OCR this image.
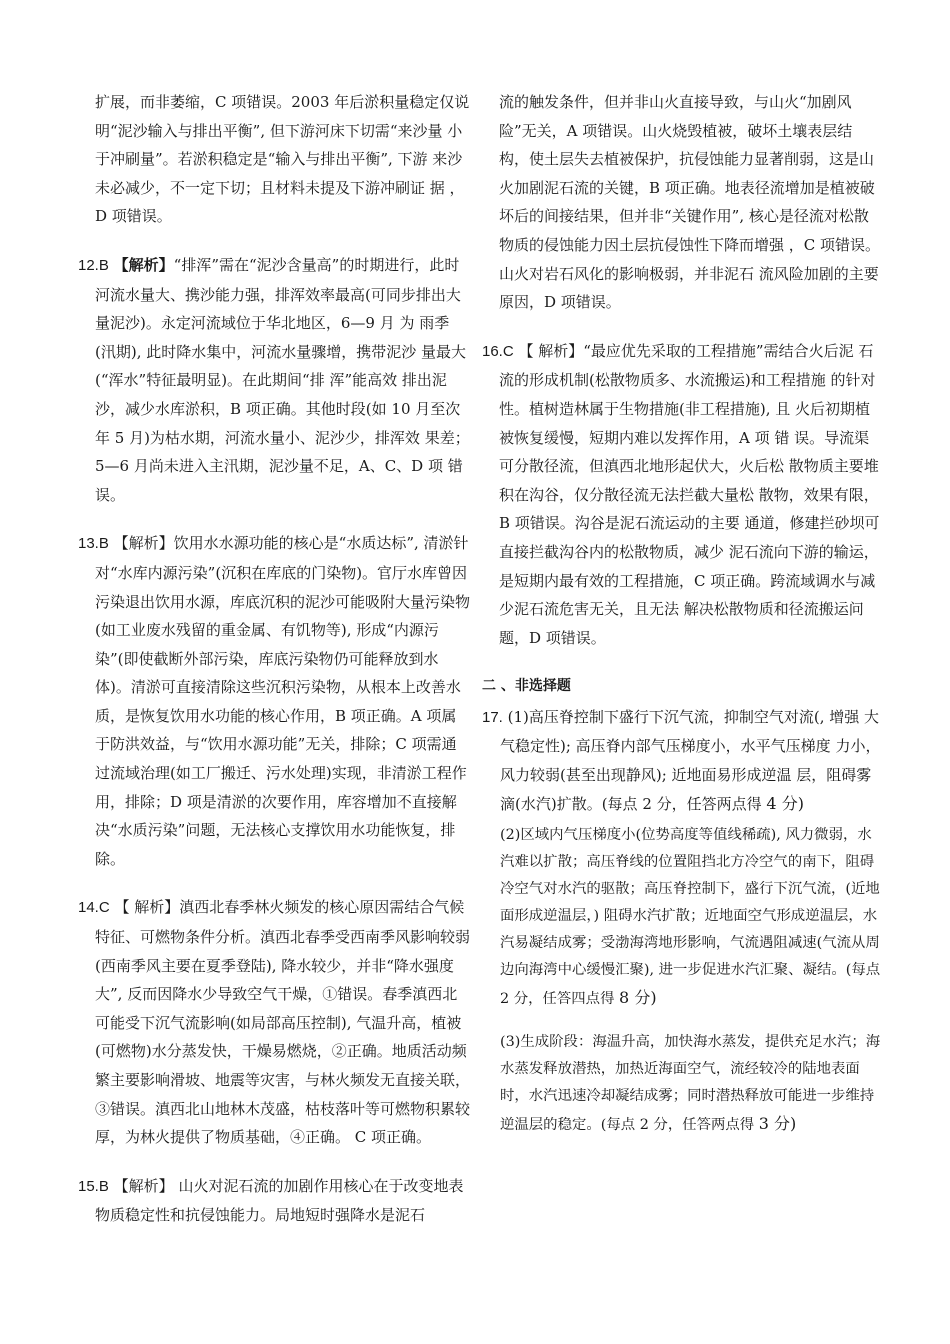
扩展，而非萎缩，C 项错误。2003 年后淤积量稳定仅说 明“泥沙输入与排出平衡”, 但下游河床下切需“来沙量 小于冲刷量”。若淤积稳定是“输入与排出平衡”, 下游 来沙未必减少，不一定下切；且材料未提及下游冲刷证 据 ，D 项错误。

12.B 【解析】“排浑”需在“泥沙含量高”的时期进行，此时河流水量大、携沙能力强，排浑效率最高(可同步排出大量泥沙)。永定河流域位于华北地区，6—9 月 为 雨季(汛期), 此时降水集中，河流水量骤增，携带泥沙 量最大(“浑水”特征最明显)。在此期间“排 浑”能高效 排出泥沙，减少水库淤积，B 项正确。其他时段(如 10 月至次年 5 月)为枯水期，河流水量小、泥沙少，排浑效 果差；5—6 月尚未进入主汛期，泥沙量不足，A、C、D 项 错误。

13.B 【解析】饮用水水源功能的核心是“水质达标”, 清淤针对“水库内源污染”(沉积在库底的门染物)。官厅水库曾因污染退出饮用水源，库底沉积的泥沙可能吸附大量污染物(如工业废水残留的重金属、有饥物等), 形成“内源污染”(即使截断外部污染，库底污染物仍可能释放到水体)。清淤可直接清除这些沉积污染物，从根本上改善水质，是恢复饮用水功能的核心作用，B 项正确。A 项属于防洪效益，与“饮用水源功能”无关，排除；C 项需通过流域治理(如工厂搬迁、污水处理)实现，非清淤工程作用，排除；D 项是清淤的次要作用，库容增加不直接解决“水质污染”问题，无法核心支撑饮用水功能恢复，排除。

14.C 【 解析】滇西北春季林火频发的核心原因需结合气候特征、可燃物条件分析。滇西北春季受西南季风影响较弱(西南季风主要在夏季登陆), 降水较少，并非“降水强度大”, 反而因降水少导致空气干燥，①错误。春季滇西北可能受下沉气流影响(如局部高压控制), 气温升高，植被(可燃物)水分蒸发快，干燥易燃烧，②正确。地质活动频繁主要影响滑坡、地震等灾害，与林火频发无直接关联，③错误。滇西北山地林木茂盛，枯枝落叶等可燃物积累较厚，为林火提供了物质基础，④正确。 C 项正确。

15.B 【解析】 山火对泥石流的加剧作用核心在于改变地表物质稳定性和抗侵蚀能力。局地短时强降水是泥石

流的触发条件，但并非山火直接导致，与山火“加剧风险”无关，A 项错误。山火烧毁植被，破坏土壤表层结构，使土层失去植被保护，抗侵蚀能力显著削弱，这是山火加剧泥石流的关键，B 项正确。地表径流增加是植被破坏后的间接结果，但并非“关键作用”, 核心是径流对松散物质的侵蚀能力因土层抗侵蚀性下降而增强 ，C 项错误。山火对岩石风化的影响极弱，并非泥石 流风险加剧的主要原因，D 项错误。

16.C 【 解析】“最应优先采取的工程措施”需结合火后泥 石流的形成机制(松散物质多、水流搬运)和工程措施 的针对性。植树造林属于生物措施(非工程措施), 且 火后初期植被恢复缓慢，短期内难以发挥作用，A 项 错 误。导流渠可分散径流，但滇西北地形起伏大，火后松 散物质主要堆积在沟谷，仅分散径流无法拦截大量松 散物，效果有限，B 项错误。沟谷是泥石流运动的主要 通道，修建拦砂坝可直接拦截沟谷内的松散物质，减少 泥石流向下游的输运，是短期内最有效的工程措施，C 项正确。跨流域调水与减少泥石流危害无关，且无法 解决松散物质和径流搬运问题，D 项错误。

二 、非选择题

17. (1)高压脊控制下盛行下沉气流，抑制空气对流(, 增强 大气稳定性); 高压脊内部气压梯度小，水平气压梯度 力小，风力较弱(甚至出现静风); 近地面易形成逆温 层，阻碍雾滴(水汽)扩散。(每点 2 分，任答两点得 4 分)

(2)区域内气压梯度小(位势高度等值线稀疏), 风力微弱，水汽难以扩散；高压脊线的位置阻挡北方冷空气的南下，阻碍冷空气对水汽的驱散；高压脊控制下，盛行下沉气流，(近地面形成逆温层，) 阻碍水汽扩散；近地面空气形成逆温层，水汽易凝结成雾；受渤海湾地形影响，气流遇阻减速(气流从周边向海湾中心缓慢汇聚), 进一步促进水汽汇聚、凝结。(每点 2 分，任答四点得 8 分)

(3)生成阶段：海温升高，加快海水蒸发，提供充足水汽；海水蒸发释放潜热，加热近海面空气，流经较冷的陆地表面时，水汽迅速冷却凝结成雾；同时潜热释放可能进一步维持逆温层的稳定。(每点 2 分，任答两点得 3 分)
